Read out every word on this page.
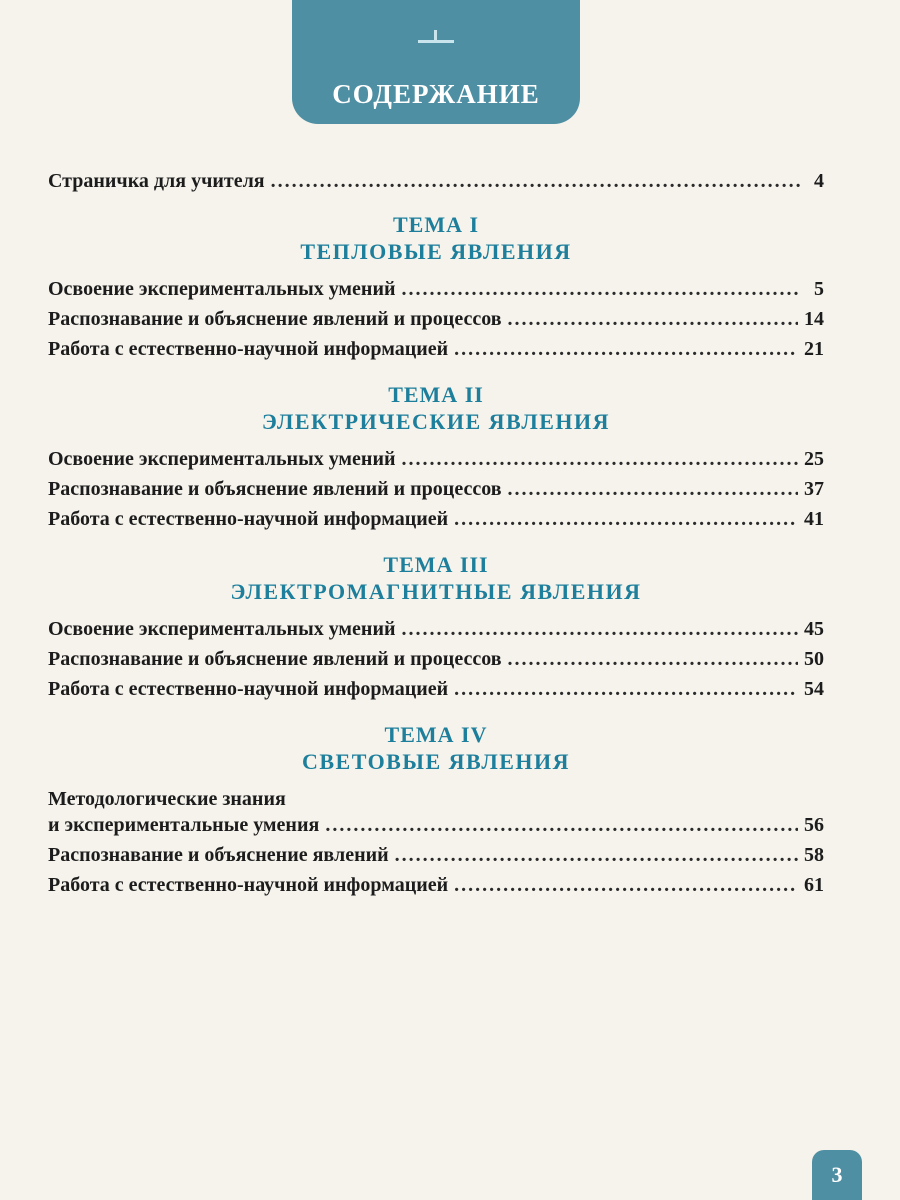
СОДЕРЖАНИЕ
Страничка для учителя .....	4
ТЕМА I
ТЕПЛОВЫЕ ЯВЛЕНИЯ
Освоение экспериментальных умений .....	5
Распознавание и объяснение явлений и процессов .....	14
Работа с естественно-научной информацией .....	21
ТЕМА II
ЭЛЕКТРИЧЕСКИЕ ЯВЛЕНИЯ
Освоение экспериментальных умений .....	25
Распознавание и объяснение явлений и процессов .....	37
Работа с естественно-научной информацией .....	41
ТЕМА III
ЭЛЕКТРОМАГНИТНЫЕ ЯВЛЕНИЯ
Освоение экспериментальных умений .....	45
Распознавание и объяснение явлений и процессов .....	50
Работа с естественно-научной информацией .....	54
ТЕМА IV
СВЕТОВЫЕ ЯВЛЕНИЯ
Методологические знания
и экспериментальные умения .....	56
Распознавание и объяснение явлений .....	58
Работа с естественно-научной информацией .....	61
3
